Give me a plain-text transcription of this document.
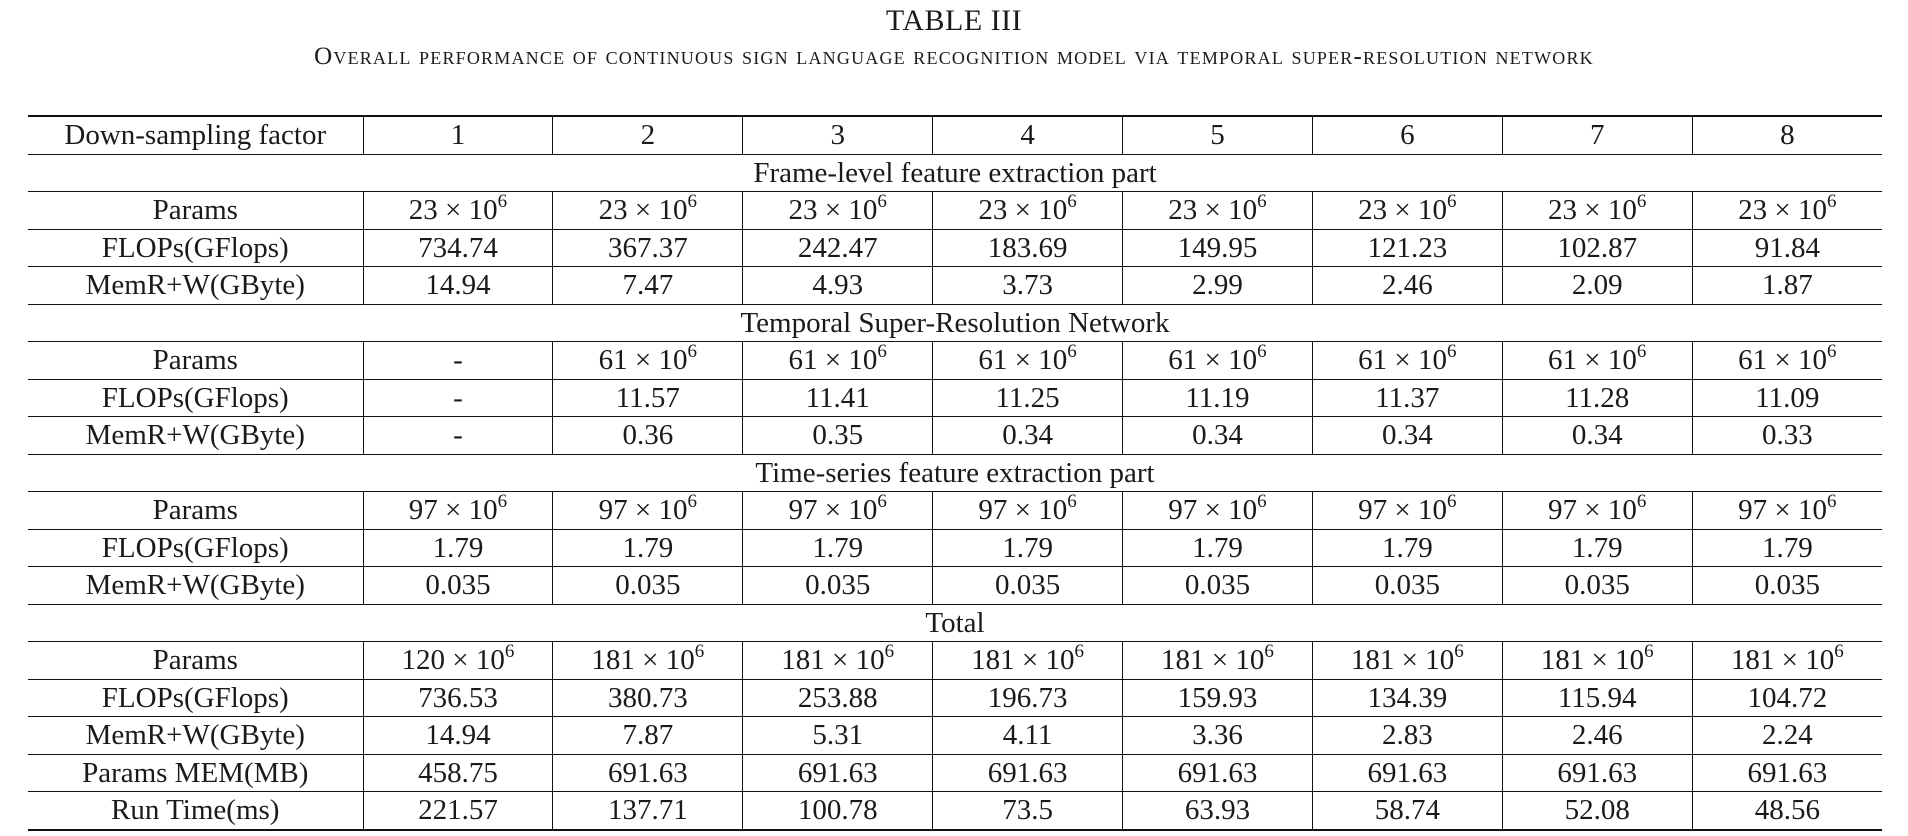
TABLE III
Overall performance of continuous sign language recognition model via temporal super-resolution network
Down-sampling factor	1	2	3	4	5	6	7	8
Frame-level feature extraction part								
Params	$23 \times 10^6$	$23 \times 10^6$	$23 \times 10^6$	$23 \times 10^6$	$23 \times 10^6$	$23 \times 10^6$	$23 \times 10^6$	$23 \times 10^6$
FLOPs(GFlops)	734.74	367.37	242.47	183.69	149.95	121.23	102.87	91.84
MemR+W(GByte)	14.94	7.47	4.93	3.73	2.99	2.46	2.09	1.87
Temporal Super-Resolution Network								
Params	-	$61 \times 10^6$	$61 \times 10^6$	$61 \times 10^6$	$61 \times 10^6$	$61 \times 10^6$	$61 \times 10^6$	$61 \times 10^6$
FLOPs(GFlops)	-	11.57	11.41	11.25	11.19	11.37	11.28	11.09
MemR+W(GByte)	-	0.36	0.35	0.34	0.34	0.34	0.34	0.33
Time-series feature extraction part								
Params	$97 \times 10^6$	$97 \times 10^6$	$97 \times 10^6$	$97 \times 10^6$	$97 \times 10^6$	$97 \times 10^6$	$97 \times 10^6$	$97 \times 10^6$
FLOPs(GFlops)	1.79	1.79	1.79	1.79	1.79	1.79	1.79	1.79
MemR+W(GByte)	0.035	0.035	0.035	0.035	0.035	0.035	0.035	0.035
Total								
Params	$120 \times 10^6$	$181 \times 10^6$	$181 \times 10^6$	$181 \times 10^6$	$181 \times 10^6$	$181 \times 10^6$	$181 \times 10^6$	$181 \times 10^6$
FLOPs(GFlops)	736.53	380.73	253.88	196.73	159.93	134.39	115.94	104.72
MemR+W(GByte)	14.94	7.87	5.31	4.11	3.36	2.83	2.46	2.24
Params MEM(MB)	458.75	691.63	691.63	691.63	691.63	691.63	691.63	691.63
Run Time(ms)	221.57	137.71	100.78	73.5	63.93	58.74	52.08	48.56
